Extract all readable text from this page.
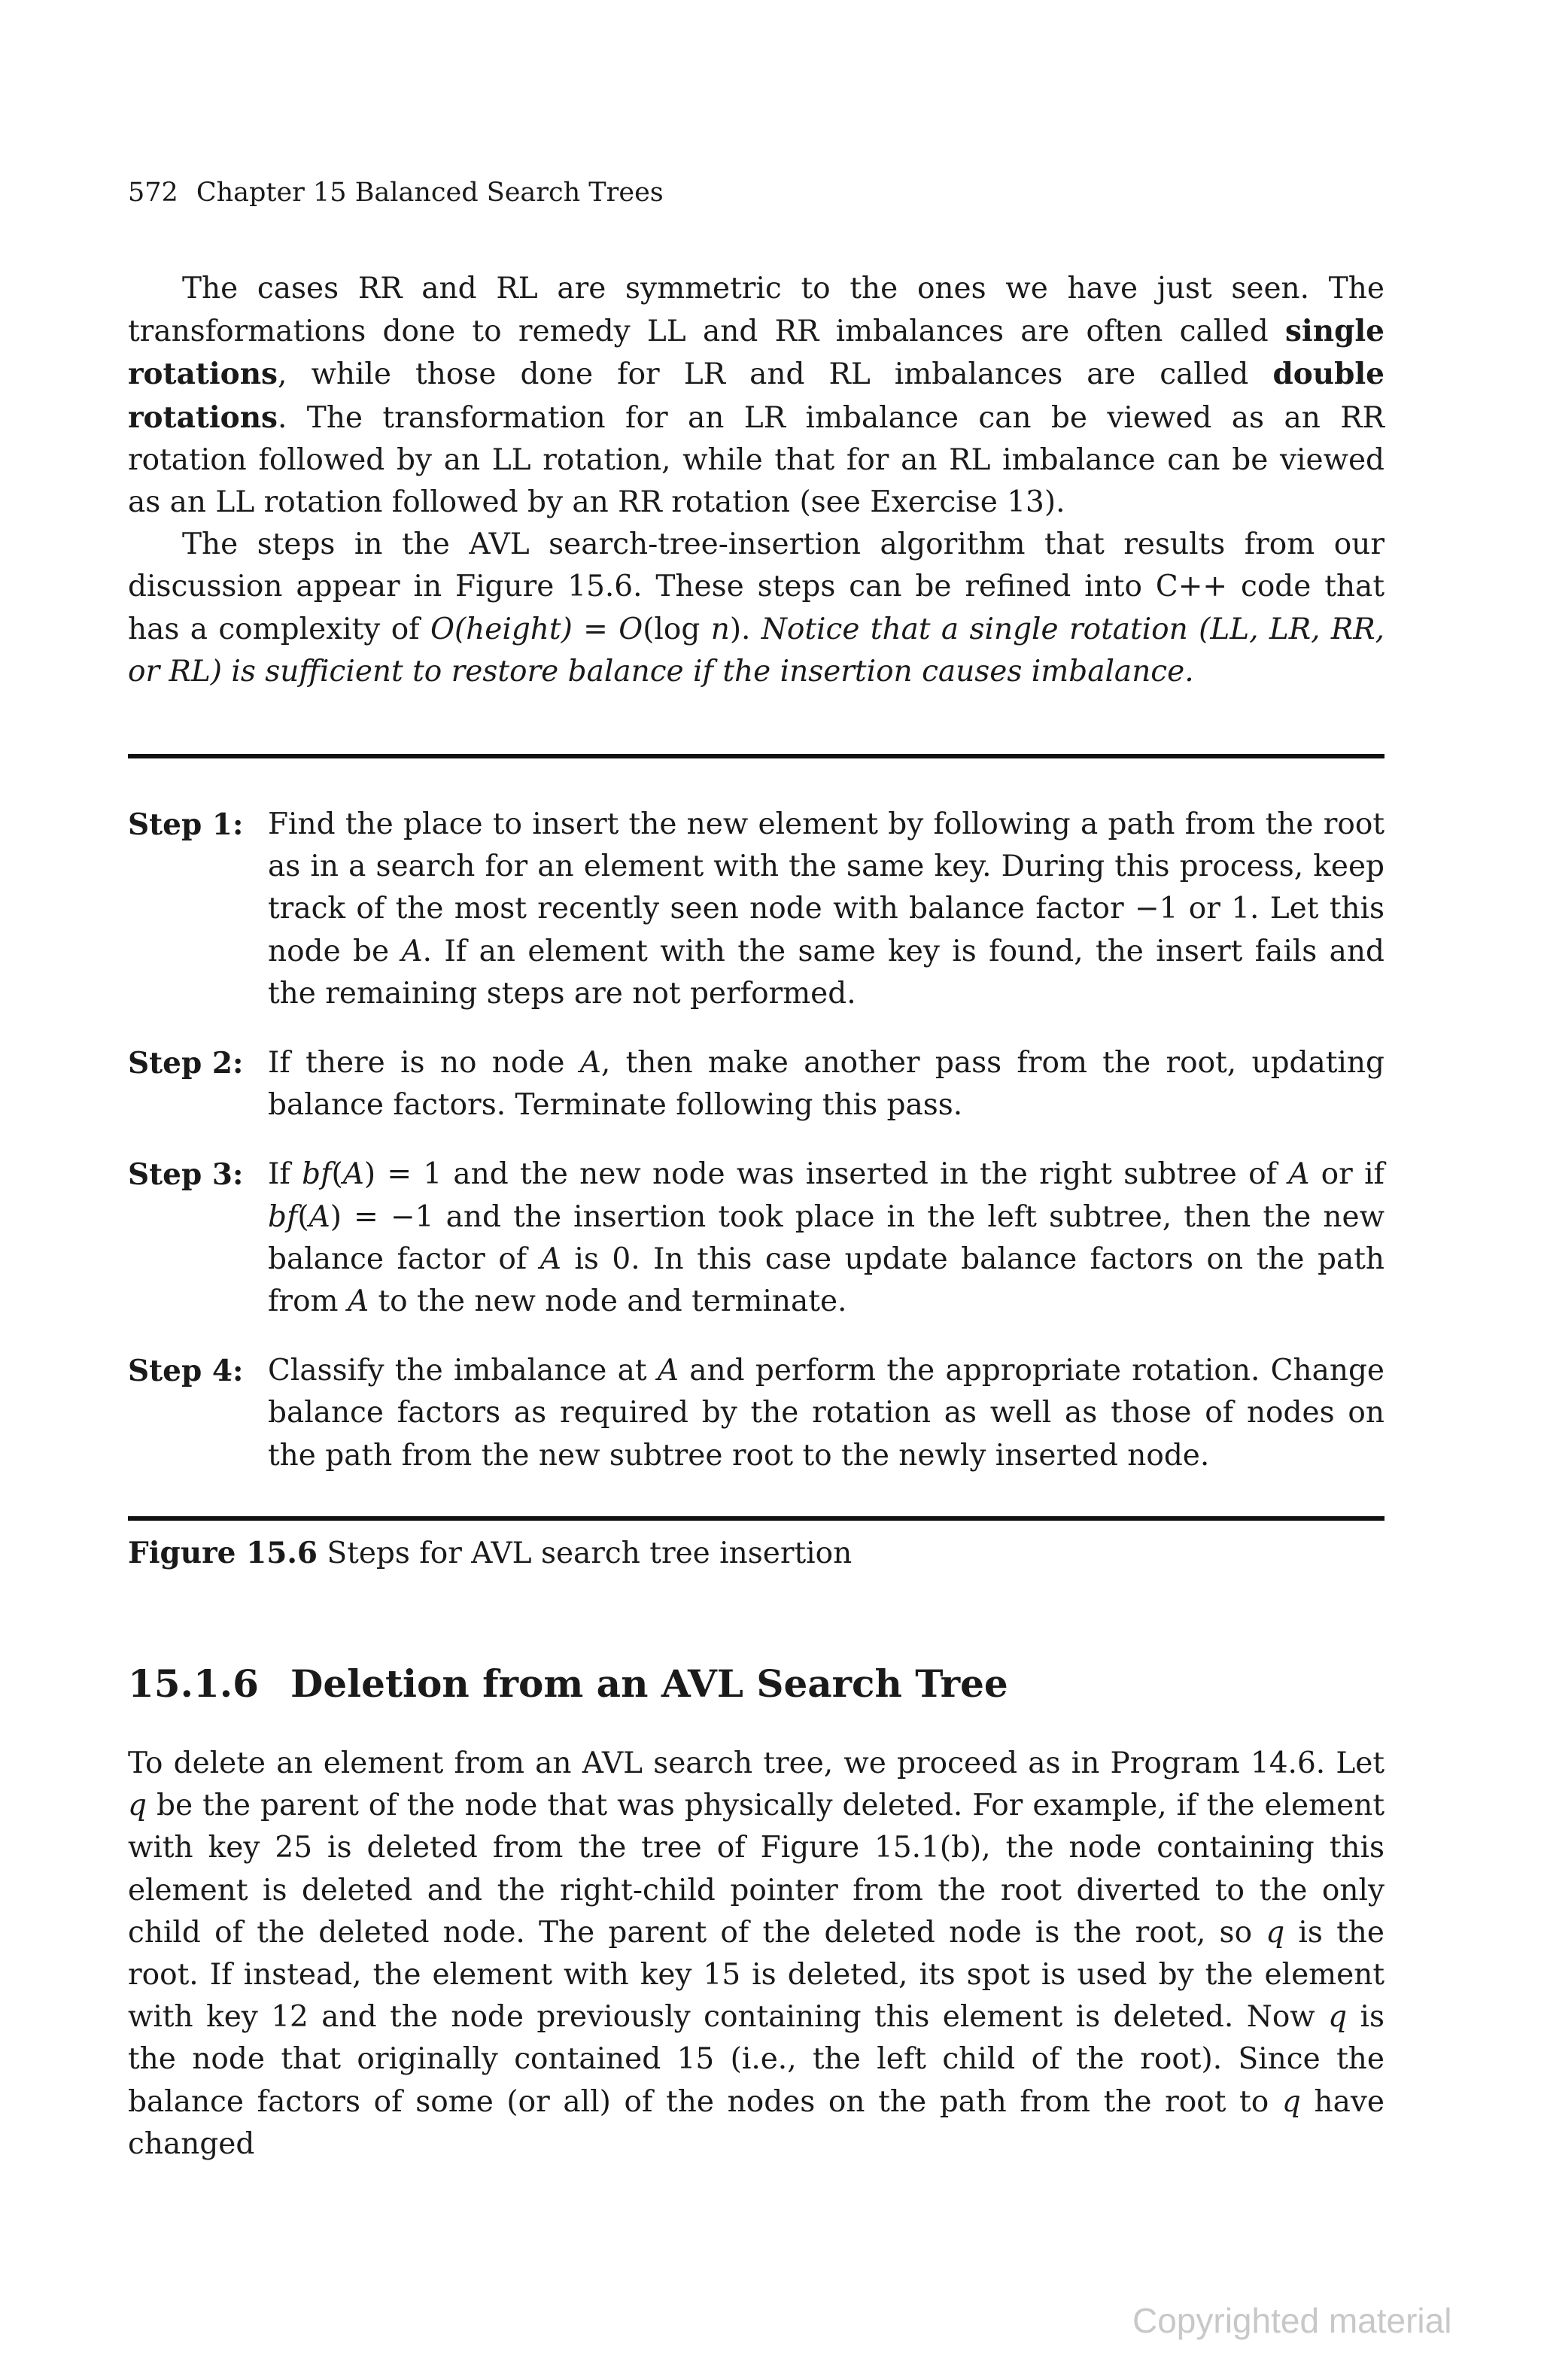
572 Chapter 15 Balanced Search Trees

The cases RR and RL are symmetric to the ones we have just seen. The transformations done to remedy LL and RR imbalances are often called single rotations, while those done for LR and RL imbalances are called double rotations. The transformation for an LR imbalance can be viewed as an RR rotation followed by an LL rotation, while that for an RL imbalance can be viewed as an LL rotation followed by an RR rotation (see Exercise 13).

The steps in the AVL search-tree-insertion algorithm that results from our discussion appear in Figure 15.6. These steps can be refined into C++ code that has a complexity of O(height) = O(log n). Notice that a single rotation (LL, LR, RR, or RL) is sufficient to restore balance if the insertion causes imbalance.

Step 1: Find the place to insert the new element by following a path from the root as in a search for an element with the same key. During this process, keep track of the most recently seen node with balance factor −1 or 1. Let this node be A. If an element with the same key is found, the insert fails and the remaining steps are not performed.
Step 2: If there is no node A, then make another pass from the root, updating balance factors. Terminate following this pass.
Step 3: If bf(A) = 1 and the new node was inserted in the right subtree of A or if bf(A) = −1 and the insertion took place in the left subtree, then the new balance factor of A is 0. In this case update balance factors on the path from A to the new node and terminate.
Step 4: Classify the imbalance at A and perform the appropriate rotation. Change balance factors as required by the rotation as well as those of nodes on the path from the new subtree root to the newly inserted node.
Figure 15.6 Steps for AVL search tree insertion
15.1.6 Deletion from an AVL Search Tree

To delete an element from an AVL search tree, we proceed as in Program 14.6. Let q be the parent of the node that was physically deleted. For example, if the element with key 25 is deleted from the tree of Figure 15.1(b), the node containing this element is deleted and the right-child pointer from the root diverted to the only child of the deleted node. The parent of the deleted node is the root, so q is the root. If instead, the element with key 15 is deleted, its spot is used by the element with key 12 and the node previously containing this element is deleted. Now q is the node that originally contained 15 (i.e., the left child of the root). Since the balance factors of some (or all) of the nodes on the path from the root to q have changed

Copyrighted material
